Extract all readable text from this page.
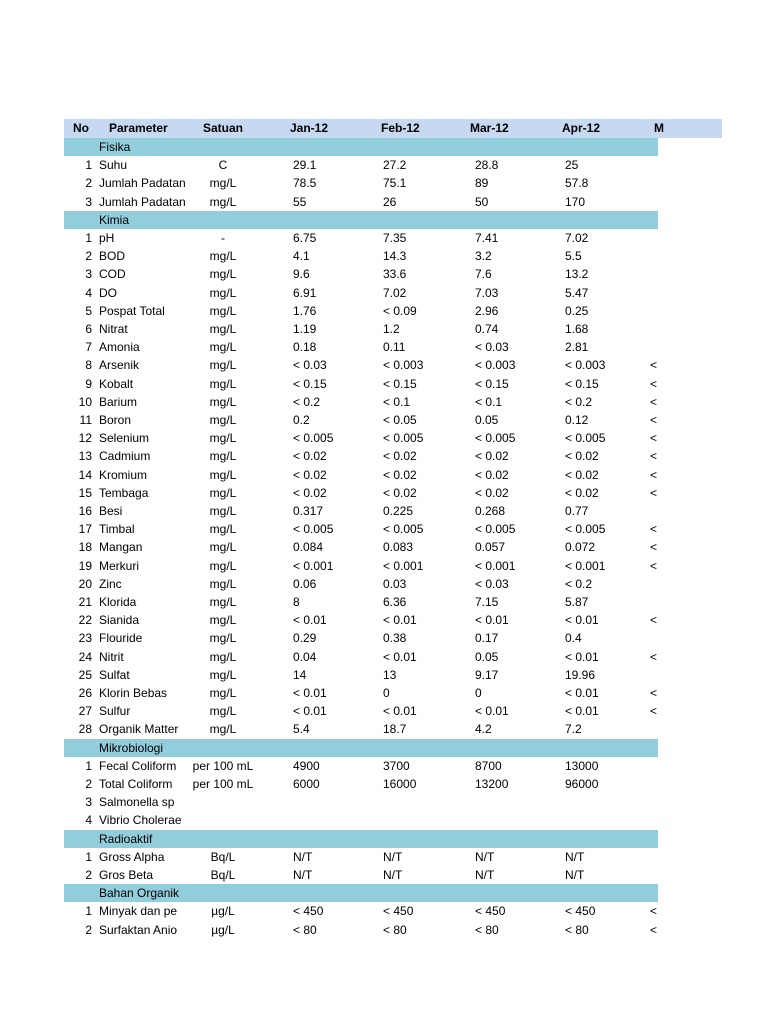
No	Parameter	Satuan	Jan-12	Feb-12	Mar-12	Apr-12	M
Fisika
1 Suhu	C	29.1	27.2	28.8	25
2 Jumlah Padatan	mg/L	78.5	75.1	89	57.8
3 Jumlah Padatan	mg/L	55	26	50	170
Kimia
1 pH	-	6.75	7.35	7.41	7.02
2 BOD	mg/L	4.1	14.3	3.2	5.5
3 COD	mg/L	9.6	33.6	7.6	13.2
4 DO	mg/L	6.91	7.02	7.03	5.47
5 Pospat Total	mg/L	1.76	< 0.09	2.96	0.25
6 Nitrat	mg/L	1.19	1.2	0.74	1.68
7 Amonia	mg/L	0.18	0.11	< 0.03	2.81
8 Arsenik	mg/L	< 0.03	< 0.003	< 0.003	< 0.003	<
9 Kobalt	mg/L	< 0.15	< 0.15	< 0.15	< 0.15	<
10 Barium	mg/L	< 0.2	< 0.1	< 0.1	< 0.2	<
11 Boron	mg/L	0.2	< 0.05	0.05	0.12	<
12 Selenium	mg/L	< 0.005	< 0.005	< 0.005	< 0.005	<
13 Cadmium	mg/L	< 0.02	< 0.02	< 0.02	< 0.02	<
14 Kromium	mg/L	< 0.02	< 0.02	< 0.02	< 0.02	<
15 Tembaga	mg/L	< 0.02	< 0.02	< 0.02	< 0.02	<
16 Besi	mg/L	0.317	0.225	0.268	0.77
17 Timbal	mg/L	< 0.005	< 0.005	< 0.005	< 0.005	<
18 Mangan	mg/L	0.084	0.083	0.057	0.072	<
19 Merkuri	mg/L	< 0.001	< 0.001	< 0.001	< 0.001	<
20 Zinc	mg/L	0.06	0.03	< 0.03	< 0.2
21 Klorida	mg/L	8	6.36	7.15	5.87
22 Sianida	mg/L	< 0.01	< 0.01	< 0.01	< 0.01	<
23 Flouride	mg/L	0.29	0.38	0.17	0.4
24 Nitrit	mg/L	0.04	< 0.01	0.05	< 0.01	<
25 Sulfat	mg/L	14	13	9.17	19.96
26 Klorin Bebas	mg/L	< 0.01	0	0	< 0.01	<
27 Sulfur	mg/L	< 0.01	< 0.01	< 0.01	< 0.01	<
28 Organik Matter	mg/L	5.4	18.7	4.2	7.2
Mikrobiologi
1 Fecal Coliform	per 100 mL	4900	3700	8700	13000
2 Total Coliform	per 100 mL	6000	16000	13200	96000
3 Salmonella sp
4 Vibrio Cholerae
Radioaktif
1 Gross Alpha	Bq/L	N/T	N/T	N/T	N/T
2 Gros Beta	Bq/L	N/T	N/T	N/T	N/T
Bahan Organik
1 Minyak dan pe	µg/L	< 450	< 450	< 450	< 450	<
2 Surfaktan Anio	µg/L	< 80	< 80	< 80	< 80	<
